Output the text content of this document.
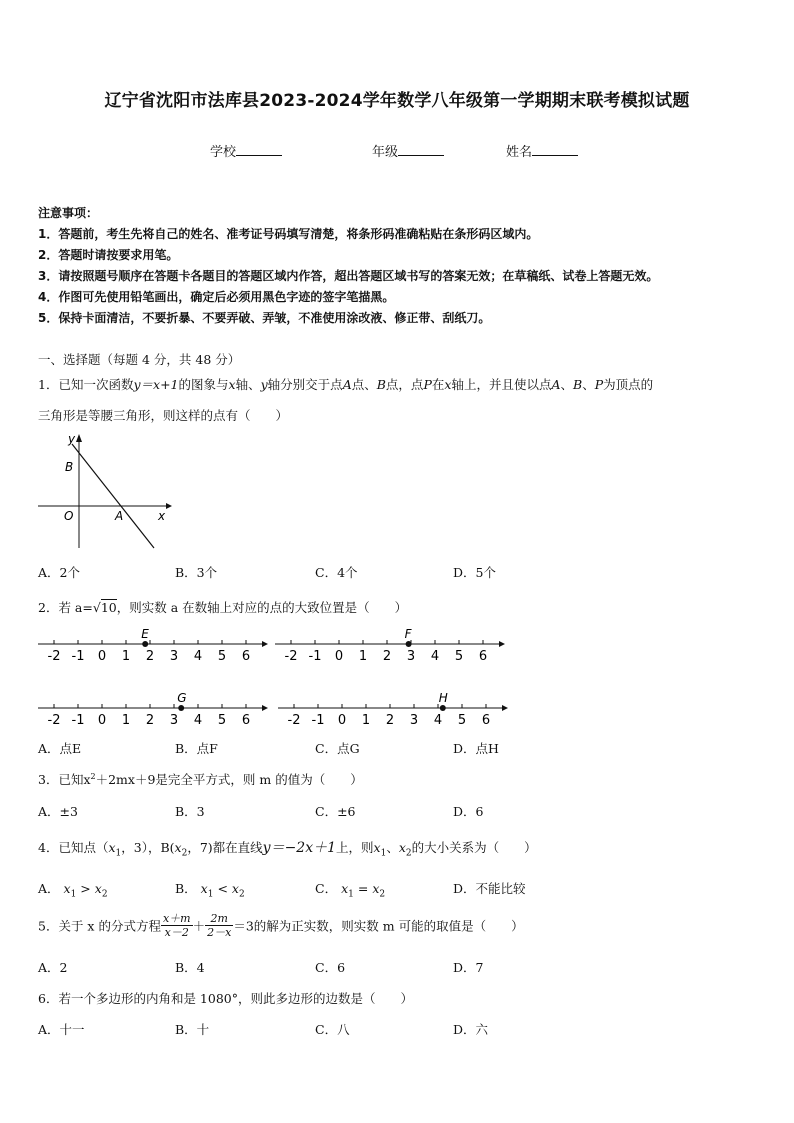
辽宁省沈阳市法库县2023-2024学年数学八年级第一学期期末联考模拟试题
学校	年级	姓名
注意事项：
1．答题前，考生先将自己的姓名、准考证号码填写清楚，将条形码准确粘贴在条形码区域内。
2．答题时请按要求用笔。
3．请按照题号顺序在答题卡各题目的答题区域内作答，超出答题区域书写的答案无效；在草稿纸、试卷上答题无效。
4．作图可先使用铅笔画出，确定后必须用黑色字迹的签字笔描黑。
5．保持卡面清洁，不要折暴、不要弄破、弄皱，不准使用涂改液、修正带、刮纸刀。
一、选择题（每题 4 分，共 48 分）
1．已知一次函数y＝x+1的图象与x轴、y轴分别交于点A点、B点，点P在x轴上，并且使以点A、B、P为顶点的
三角形是等腰三角形，则这样的点有（　　）
y
x
B
O	A
A．2个	B．3个	C．4个	D．5个
2．若 a=√10，则实数 a 在数轴上对应的点的大致位置是（　　）
-2 -1 0 1 2 3 4 5 6
E
-2 -1 0 1 2 3 4 5 6
F
-2 -1 0 1 2 3 4 5 6
G
-2 -1 0 1 2 3 4 5 6
H
A．点E	B．点F	C．点G	D．点H
3．已知$x^2+2mx+9$是完全平方式，则 m 的值为（　　）
A．±3	B．3	C．±6	D．6
4．已知点（$x_1$，3），$B(x_2$，7)都在直线y＝−2x＋1上，则$x_1$、$x_2$的大小关系为（　　）
A． $x_1 > x_2$	B． $x_1 < x_2$	C． $x_1 = x_2$	D．不能比较
5．关于 x 的分式方程 $\frac{x+m}{x-2} + \frac{2m}{2-x} =3$的解为正实数，则实数 m 可能的取值是（　　）
A．2	B．4	C．6	D．7
6．若一个多边形的内角和是 1080°，则此多边形的边数是（　　）
A．十一	B．十	C．八	D．六
